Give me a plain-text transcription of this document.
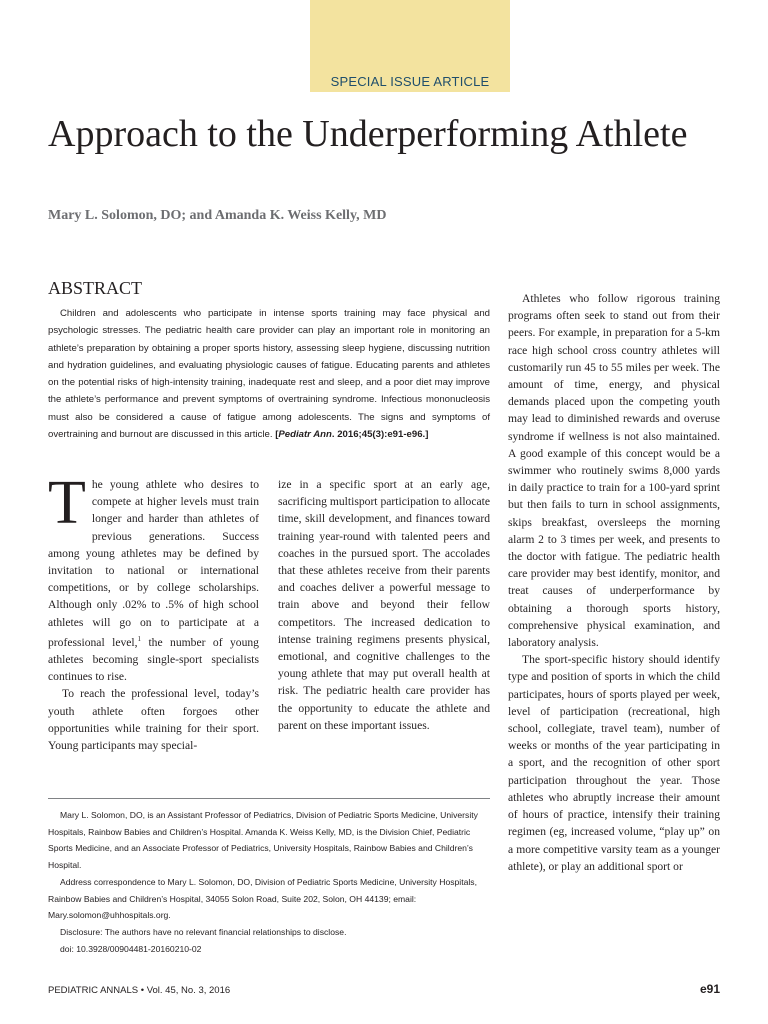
SPECIAL ISSUE ARTICLE
Approach to the Underperforming Athlete

Mary L. Solomon, DO; and Amanda K. Weiss Kelly, MD

ABSTRACT

Children and adolescents who participate in intense sports training may face physical and psychologic stresses. The pediatric health care provider can play an important role in monitoring an athlete’s preparation by obtaining a proper sports history, assessing sleep hygiene, discussing nutrition and hydration guidelines, and evaluating physiologic causes of fatigue. Educating parents and athletes on the potential risks of high-intensity training, inadequate rest and sleep, and a poor diet may improve the athlete’s performance and prevent symptoms of overtraining syndrome. Infectious mononucleosis must also be considered a cause of fatigue among adolescents. The signs and symptoms of overtraining and burnout are discussed in this article. [Pediatr Ann. 2016;45(3):e91-e96.]

The young athlete who desires to compete at higher levels must train longer and harder than athletes of previous generations. Success among young athletes may be defined by invitation to national or international competitions, or by college scholarships. Although only .02% to .5% of high school athletes will go on to participate at a professional level,$^1$ the number of young athletes becoming single-sport specialists continues to rise.

To reach the professional level, today’s youth athlete often forgoes other opportunities while training for their sport. Young participants may special-

ize in a specific sport at an early age, sacrificing multisport participation to allocate time, skill development, and finances toward training year-round with talented peers and coaches in the pursued sport. The accolades that these athletes receive from their parents and coaches deliver a powerful message to train above and beyond their fellow competitors. The increased dedication to intense training regimens presents physical, emotional, and cognitive challenges to the young athlete that may put overall health at risk. The pediatric health care provider has the opportunity to educate the athlete and parent on these important issues.

Athletes who follow rigorous training programs often seek to stand out from their peers. For example, in preparation for a 5-km race high school cross country athletes will customarily run 45 to 55 miles per week. The amount of time, energy, and physical demands placed upon the competing youth may lead to diminished rewards and overuse syndrome if wellness is not also maintained. A good example of this concept would be a swimmer who routinely swims 8,000 yards in daily practice to train for a 100-yard sprint but then fails to turn in school assignments, skips breakfast, oversleeps the morning alarm 2 to 3 times per week, and presents to the doctor with fatigue. The pediatric health care provider may best identify, monitor, and treat causes of underperformance by obtaining a thorough sports history, comprehensive physical examination, and laboratory analysis.

The sport-specific history should identify type and position of sports in which the child participates, hours of sports played per week, level of participation (recreational, high school, collegiate, travel team), number of weeks or months of the year participating in a sport, and the recognition of other sport participation throughout the year. Those athletes who abruptly increase their amount of hours of practice, intensify their training regimen (eg, increased volume, “play up” on a more competitive varsity team as a younger athlete), or play an additional sport or

Mary L. Solomon, DO, is an Assistant Professor of Pediatrics, Division of Pediatric Sports Medicine, University Hospitals, Rainbow Babies and Children’s Hospital. Amanda K. Weiss Kelly, MD, is the Division Chief, Pediatric Sports Medicine, and an Associate Professor of Pediatrics, University Hospitals, Rainbow Babies and Children’s Hospital.

Address correspondence to Mary L. Solomon, DO, Division of Pediatric Sports Medicine, University Hospitals, Rainbow Babies and Children’s Hospital, 34055 Solon Road, Suite 202, Solon, OH 44139; email: Mary.solomon@uhhospitals.org.

Disclosure: The authors have no relevant financial relationships to disclose.

doi: 10.3928/00904481-20160210-02

PEDIATRIC ANNALS • Vol. 45, No. 3, 2016	e91
